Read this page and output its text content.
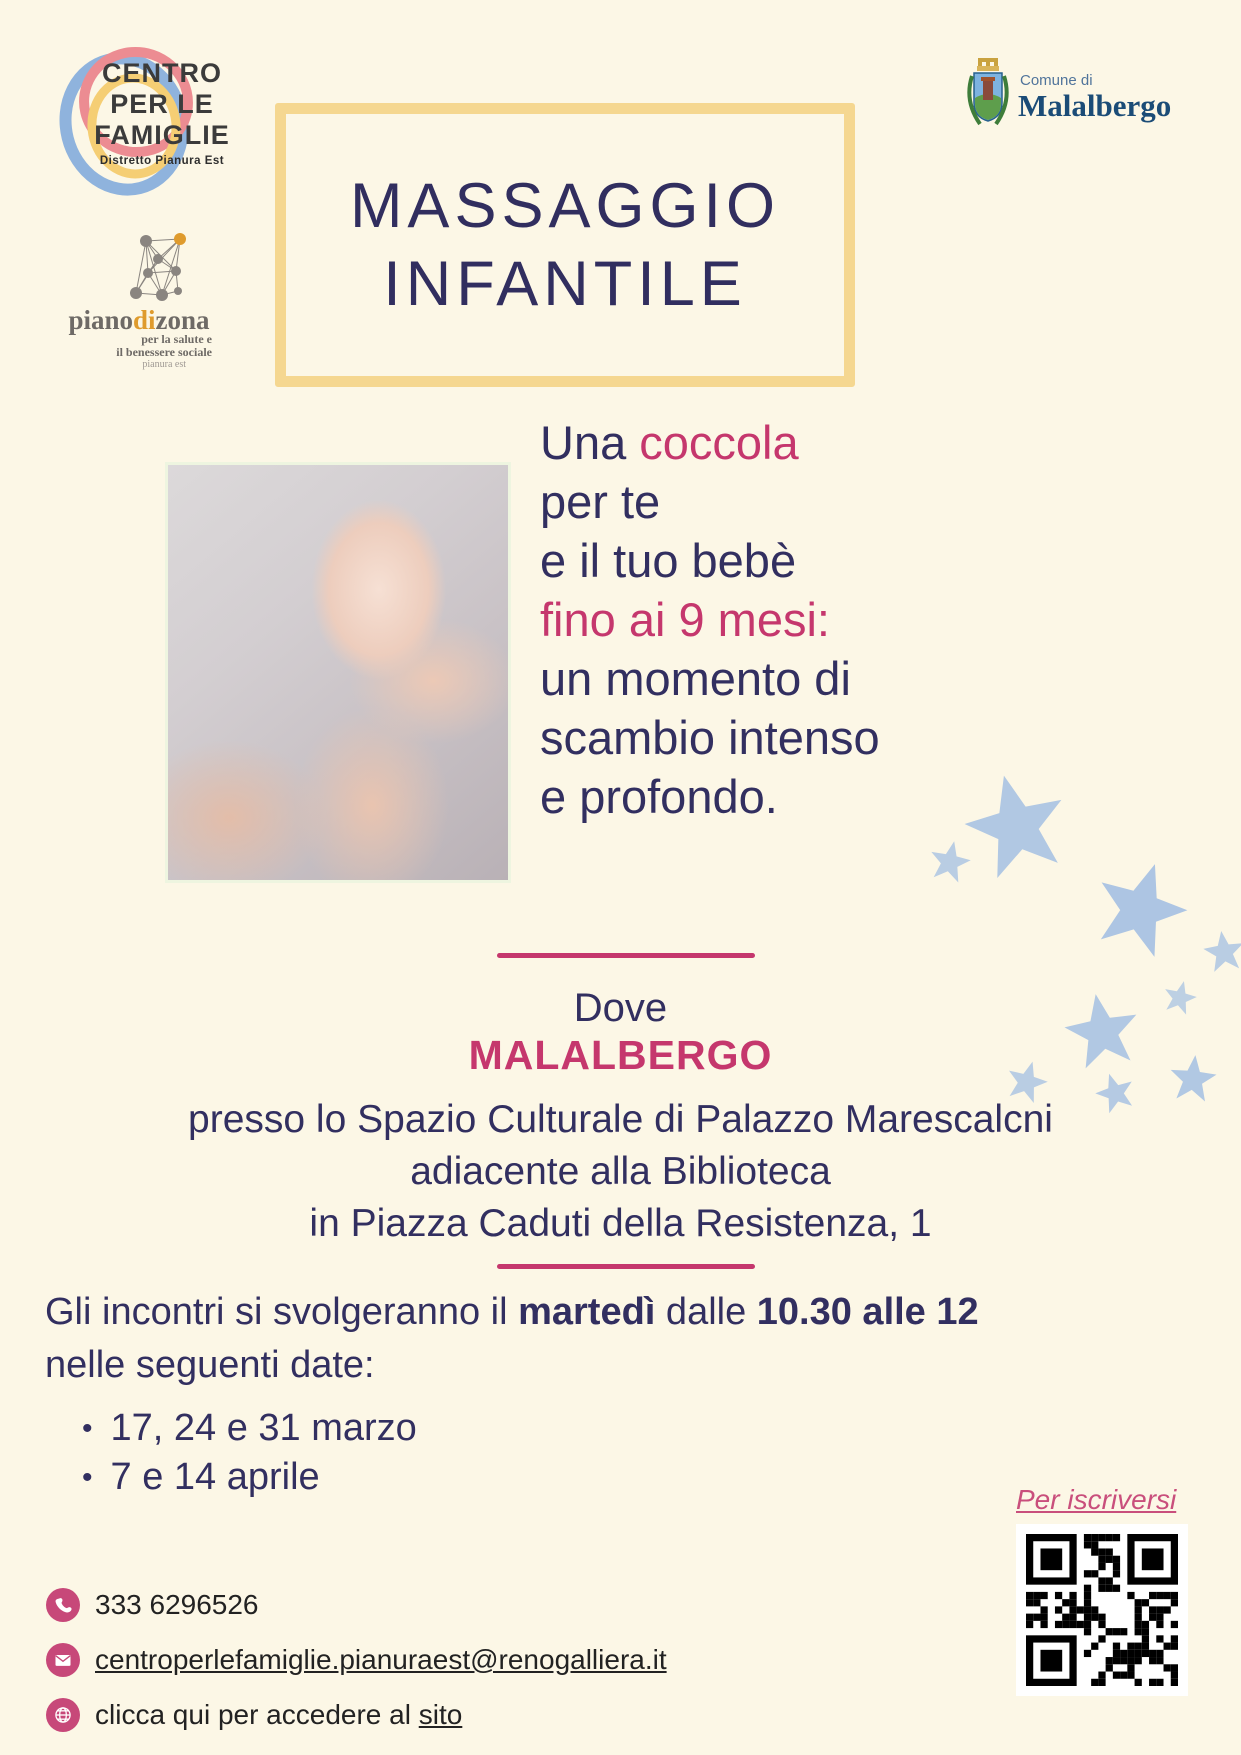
CENTRO
PER LE
FAMIGLIE
Distretto Pianura Est
pianodizona
per la salute e
il benessere sociale
pianura est
Comune di
Malalbergo
MASSAGGIO
INFANTILE
Una coccola
per te
e il tuo bebè
fino ai 9 mesi:
un momento di
scambio intenso
e profondo.
Dove
MALALBERGO
presso lo Spazio Culturale di Palazzo Marescalcni
adiacente alla Biblioteca
in Piazza Caduti della Resistenza, 1
Gli incontri si svolgeranno il martedì dalle 10.30 alle 12
nelle seguenti date:
• 17, 24 e 31 marzo
• 7 e 14 aprile
Per iscriversi
333 6296526
centroperlefamiglie.pianuraest@renogalliera.it
clicca qui per accedere al sito
